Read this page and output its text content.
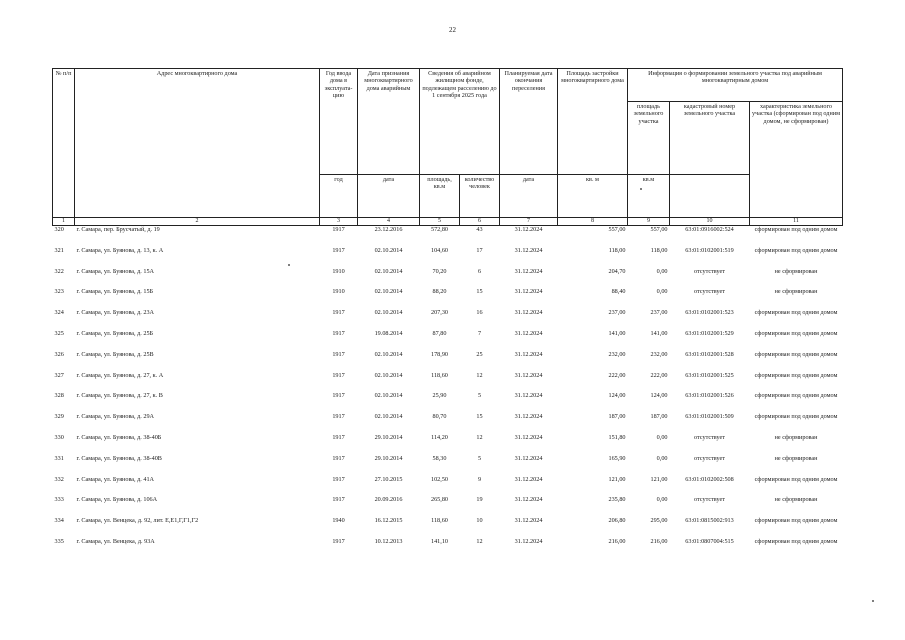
22
№ п/п	Адрес многоквартирного дома	Год ввода дома в эксплуата-цию	Дата признания многоквартирного дома аварийным	Сведения об аварийном жилищном фонде, подлежащем расселению до 1 сентября 2025 года		Планируемая дата окончания переселения	Площадь застройки многоквартирного дома	Информация о формировании земельного участка под аварийным многоквартирным домом		
								площадь земельного участка	кадастровый номер земельного участка	характеристика земельного участка (сформирован под одним домом, не сформирован)
		год	дата	площадь, кв.м	количество человек	дата	кв. м	кв.м		
1	2	3	4	5	6	7	8	9	10	11
320	г. Самара, пер. Брусчатый, д. 19	1917	23.12.2016	572,80	43	31.12.2024	557,00	557,00	63:01:0916002:524	сформирован под одним домом
321	г. Самара, ул. Буянова, д. 13, к. А	1917	02.10.2014	104,60	17	31.12.2024	118,00	118,00	63:01:0102001:519	сформирован под одним домом
322	г. Самара, ул. Буянова, д. 15А	1910	02.10.2014	70,20	6	31.12.2024	204,70	0,00	отсутствует	не сформирован
323	г. Самара, ул. Буянова, д. 15Б	1910	02.10.2014	88,20	15	31.12.2024	88,40	0,00	отсутствует	не сформирован
324	г. Самара, ул. Буянова, д. 23А	1917	02.10.2014	207,30	16	31.12.2024	237,00	237,00	63:01:0102001:523	сформирован под одним домом
325	г. Самара, ул. Буянова, д. 25Б	1917	19.08.2014	87,80	7	31.12.2024	141,00	141,00	63:01:0102001:529	сформирован под одним домом
326	г. Самара, ул. Буянова, д. 25В	1917	02.10.2014	178,90	25	31.12.2024	232,00	232,00	63:01:0102001:528	сформирован под одним домом
327	г. Самара, ул. Буянова, д. 27, к. А	1917	02.10.2014	118,60	12	31.12.2024	222,00	222,00	63:01:0102001:525	сформирован под одним домом
328	г. Самара, ул. Буянова, д. 27, к. В	1917	02.10.2014	25,90	5	31.12.2024	124,00	124,00	63:01:0102001:526	сформирован под одним домом
329	г. Самара, ул. Буянова, д. 29А	1917	02.10.2014	80,70	15	31.12.2024	187,00	187,00	63:01:0102001:509	сформирован под одним домом
330	г. Самара, ул. Буянова, д. 38-40Б	1917	29.10.2014	114,20	12	31.12.2024	151,80	0,00	отсутствует	не сформирован
331	г. Самара, ул. Буянова, д. 38-40В	1917	29.10.2014	58,30	5	31.12.2024	165,90	0,00	отсутствует	не сформирован
332	г. Самара, ул. Буянова, д. 41А	1917	27.10.2015	102,50	9	31.12.2024	121,00	121,00	63:01:0102002:508	сформирован под одним домом
333	г. Самара, ул. Буянова, д. 106А	1917	20.09.2016	265,80	19	31.12.2024	235,80	0,00	отсутствует	не сформирован
334	г. Самара, ул. Венцека, д. 92, лит. Е,Е1,Г,Г1,Г2	1940	16.12.2015	118,60	10	31.12.2024	206,80	295,00	63:01:0815002:913	сформирован под одним домом
335	г. Самара, ул. Венцека, д. 93А	1917	10.12.2013	141,10	12	31.12.2024	216,00	216,00	63:01:0807004:515	сформирован под одним домом
